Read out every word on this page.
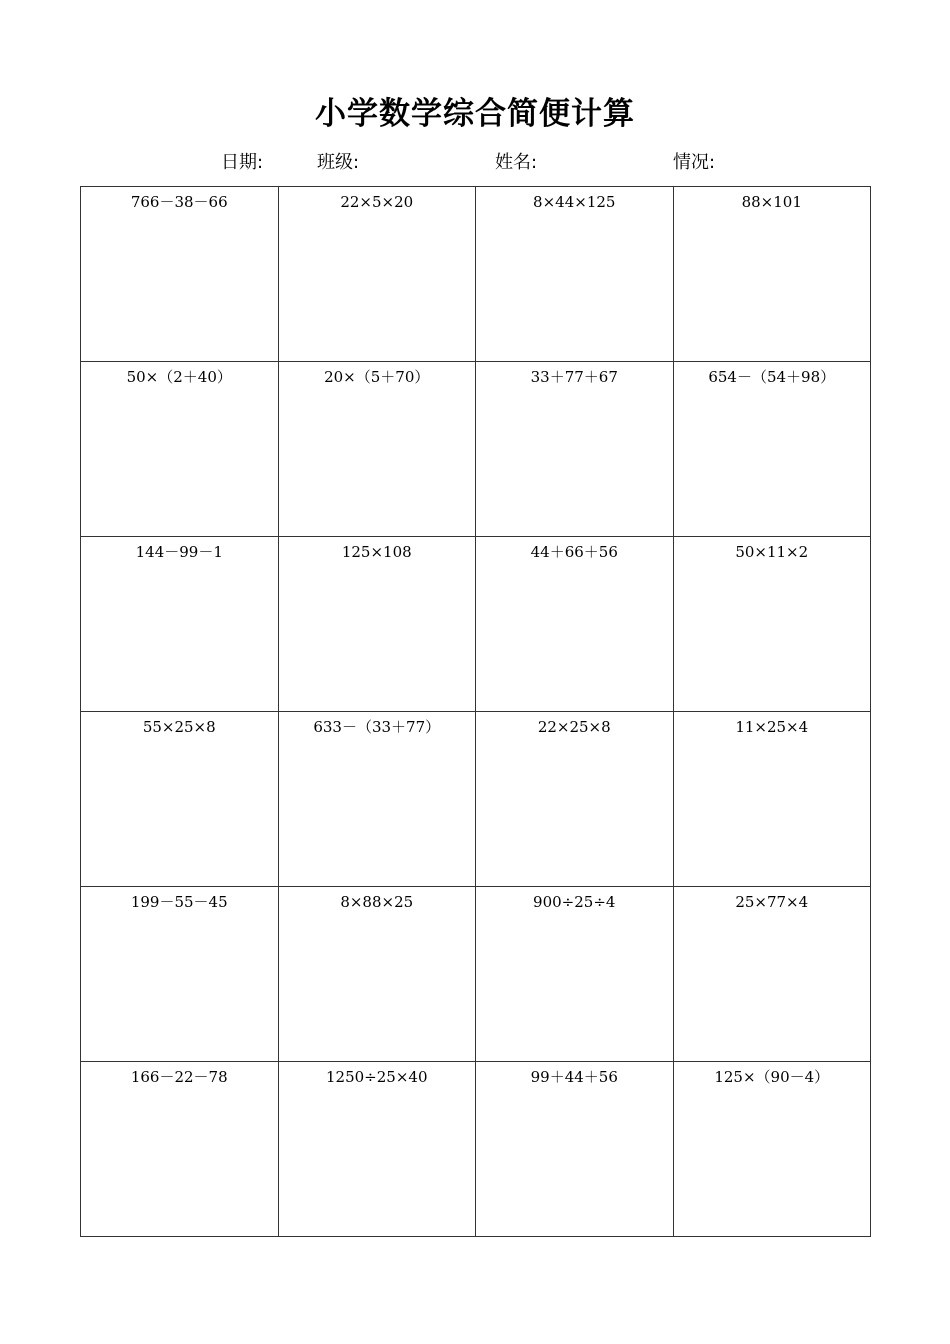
小学数学综合简便计算
日期:	班级:	姓名:	情况:
766－38－66	22×5×20	8×44×125	88×101

50×（2＋40）	20×（5＋70）	33＋77＋67	654－（54＋98）

144－99－1	125×108	44＋66＋56	50×11×2

55×25×8	633－（33＋77）	22×25×8	11×25×4

199－55－45	8×88×25	900÷25÷4	25×77×4

166－22－78	1250÷25×40	99＋44＋56	125×（90－4）
